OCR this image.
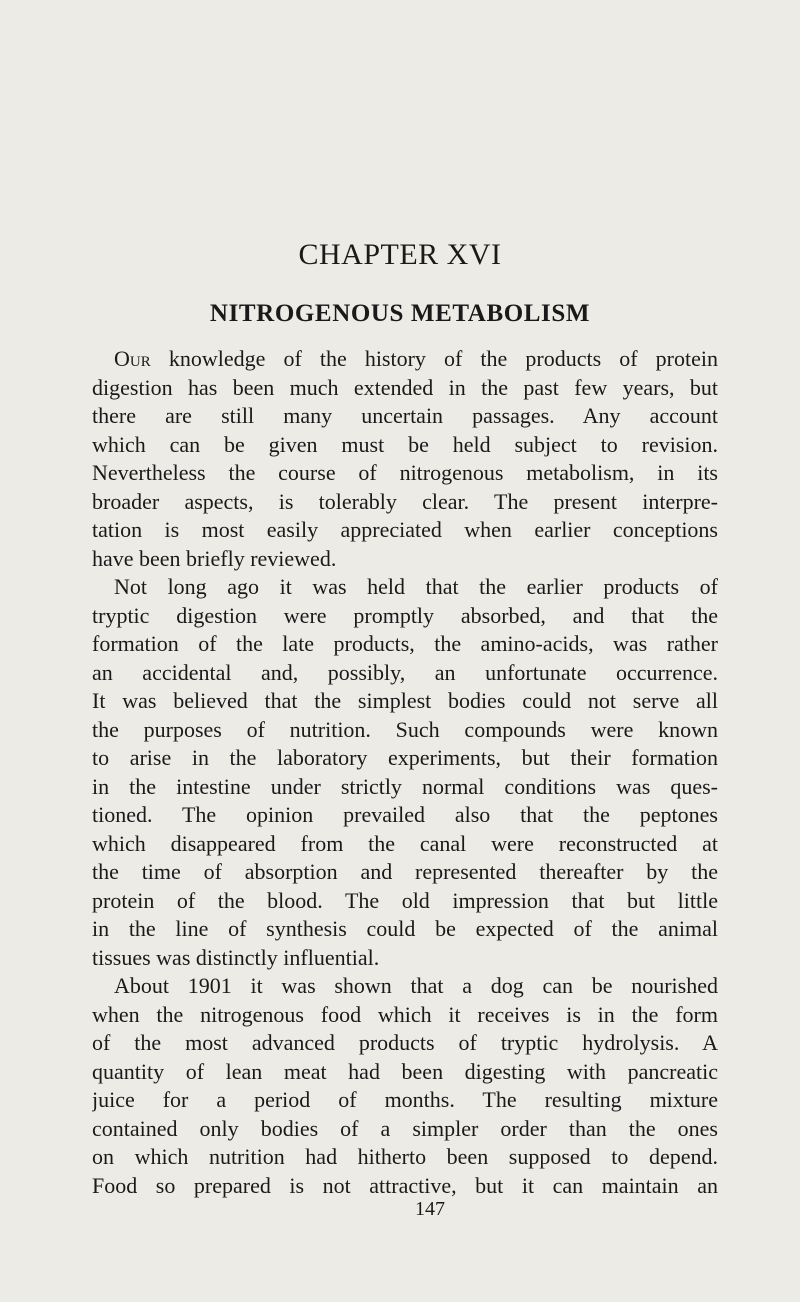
CHAPTER XVI
NITROGENOUS METABOLISM
Our knowledge of the history of the products of protein
digestion has been much extended in the past few years, but
there are still many uncertain passages. Any account
which can be given must be held subject to revision.
Nevertheless the course of nitrogenous metabolism, in its
broader aspects, is tolerably clear. The present interpre-
tation is most easily appreciated when earlier conceptions
have been briefly reviewed.
Not long ago it was held that the earlier products of
tryptic digestion were promptly absorbed, and that the
formation of the late products, the amino-acids, was rather
an accidental and, possibly, an unfortunate occurrence.
It was believed that the simplest bodies could not serve all
the purposes of nutrition. Such compounds were known
to arise in the laboratory experiments, but their formation
in the intestine under strictly normal conditions was ques-
tioned. The opinion prevailed also that the peptones
which disappeared from the canal were reconstructed at
the time of absorption and represented thereafter by the
protein of the blood. The old impression that but little
in the line of synthesis could be expected of the animal
tissues was distinctly influential.
About 1901 it was shown that a dog can be nourished
when the nitrogenous food which it receives is in the form
of the most advanced products of tryptic hydrolysis. A
quantity of lean meat had been digesting with pancreatic
juice for a period of months. The resulting mixture
contained only bodies of a simpler order than the ones
on which nutrition had hitherto been supposed to depend.
Food so prepared is not attractive, but it can maintain an
147
